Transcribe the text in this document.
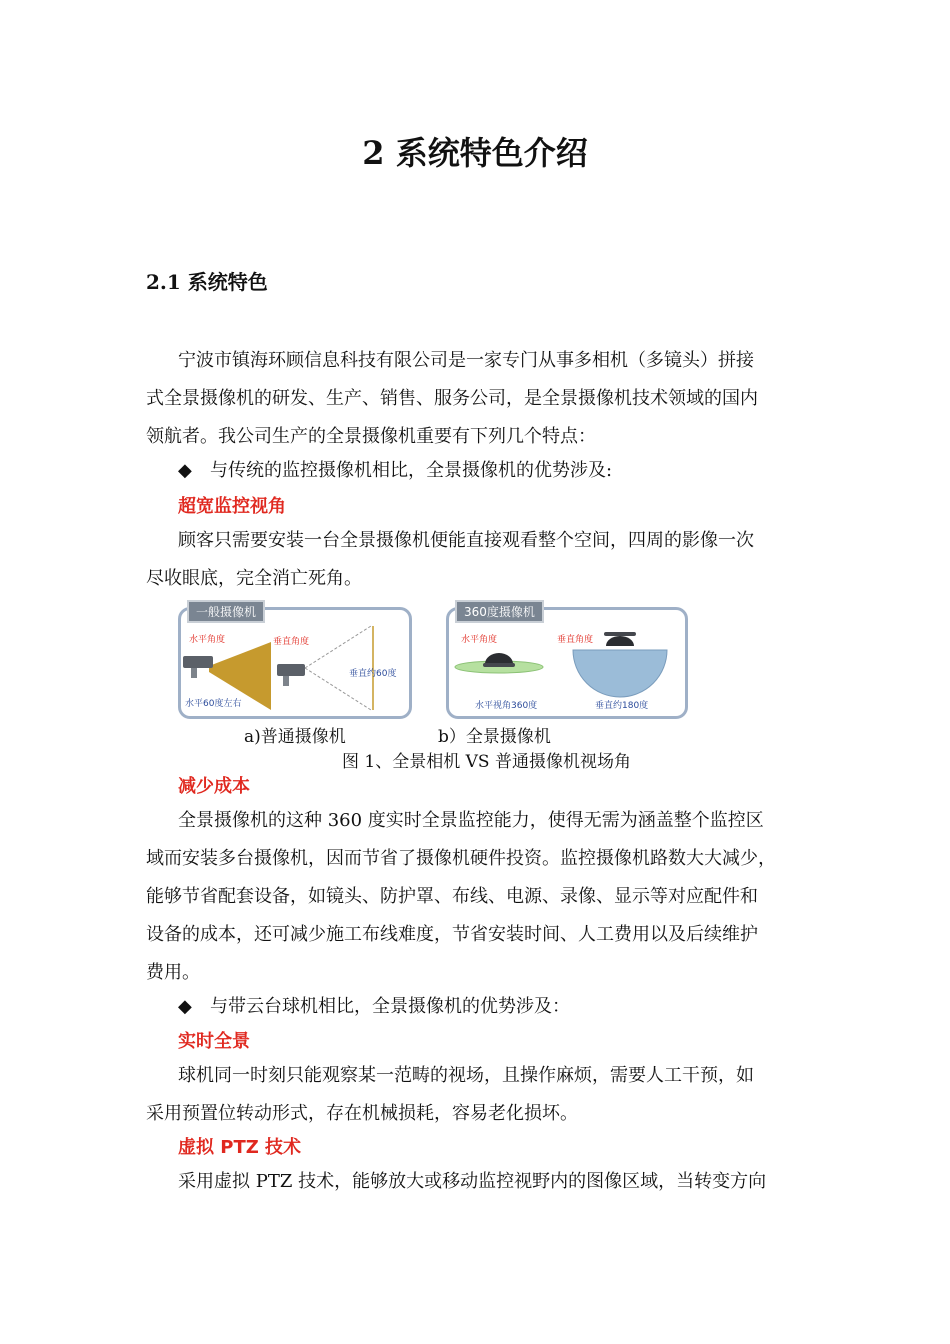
2 系统特色介绍
2.1 系统特色
宁波市镇海环顾信息科技有限公司是一家专门从事多相机（多镜头）拼接
式全景摄像机的研发、生产、销售、服务公司，是全景摄像机技术领域的国内
领航者。我公司生产的全景摄像机重要有下列几个特点：
◆ 与传统的监控摄像机相比，全景摄像机的优势涉及:
超宽监控视角
顾客只需要安装一台全景摄像机便能直接观看整个空间，四周的影像一次
尽收眼底，完全消亡死角。
一般摄像机
水平角度	垂直角度
水平60度左右
垂直约60度
360度摄像机
水平角度	垂直角度
水平视角360度	垂直约180度
a)普通摄像机	b）全景摄像机
图 1、全景相机 VS 普通摄像机视场角
减少成本
全景摄像机的这种 360 度实时全景监控能力，使得无需为涵盖整个监控区
域而安装多台摄像机，因而节省了摄像机硬件投资。监控摄像机路数大大减少，
能够节省配套设备，如镜头、防护罩、布线、电源、录像、显示等对应配件和
设备的成本，还可减少施工布线难度，节省安装时间、人工费用以及后续维护
费用。
◆ 与带云台球机相比，全景摄像机的优势涉及：
实时全景
球机同一时刻只能观察某一范畴的视场，且操作麻烦，需要人工干预，如
采用预置位转动形式，存在机械损耗，容易老化损坏。
虚拟 PTZ 技术
采用虚拟 PTZ 技术，能够放大或移动监控视野内的图像区域，当转变方向
